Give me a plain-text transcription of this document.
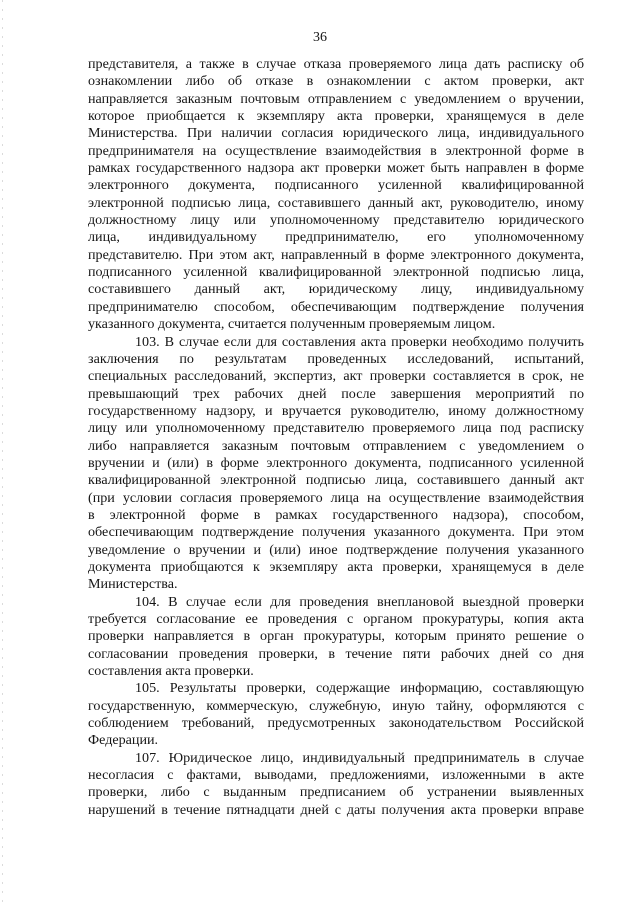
36
представителя, а также в случае отказа проверяемого лица дать расписку об
ознакомлении либо об отказе в ознакомлении с актом проверки, акт
направляется заказным почтовым отправлением с уведомлением о вручении,
которое приобщается к экземпляру акта проверки, хранящемуся в деле
Министерства. При наличии согласия юридического лица, индивидуального
предпринимателя на осуществление взаимодействия в электронной форме в
рамках государственного надзора акт проверки может быть направлен в форме
электронного документа, подписанного усиленной квалифицированной
электронной подписью лица, составившего данный акт, руководителю, иному
должностному лицу или уполномоченному представителю юридического
лица, индивидуальному предпринимателю, его уполномоченному
представителю. При этом акт, направленный в форме электронного документа,
подписанного усиленной квалифицированной электронной подписью лица,
составившего данный акт, юридическому лицу, индивидуальному
предпринимателю способом, обеспечивающим подтверждение получения
указанного документа, считается полученным проверяемым лицом.
103. В случае если для составления акта проверки необходимо получить
заключения по результатам проведенных исследований, испытаний,
специальных расследований, экспертиз, акт проверки составляется в срок, не
превышающий трех рабочих дней после завершения мероприятий по
государственному надзору, и вручается руководителю, иному должностному
лицу или уполномоченному представителю проверяемого лица под расписку
либо направляется заказным почтовым отправлением с уведомлением о
вручении и (или) в форме электронного документа, подписанного усиленной
квалифицированной электронной подписью лица, составившего данный акт
(при условии согласия проверяемого лица на осуществление взаимодействия
в электронной форме в рамках государственного надзора), способом,
обеспечивающим подтверждение получения указанного документа. При этом
уведомление о вручении и (или) иное подтверждение получения указанного
документа приобщаются к экземпляру акта проверки, хранящемуся в деле
Министерства.
104. В случае если для проведения внеплановой выездной проверки
требуется согласование ее проведения с органом прокуратуры, копия акта
проверки направляется в орган прокуратуры, которым принято решение о
согласовании проведения проверки, в течение пяти рабочих дней со дня
составления акта проверки.
105. Результаты проверки, содержащие информацию, составляющую
государственную, коммерческую, служебную, иную тайну, оформляются с
соблюдением требований, предусмотренных законодательством Российской
Федерации.
107. Юридическое лицо, индивидуальный предприниматель в случае
несогласия с фактами, выводами, предложениями, изложенными в акте
проверки, либо с выданным предписанием об устранении выявленных
нарушений в течение пятнадцати дней с даты получения акта проверки вправе
